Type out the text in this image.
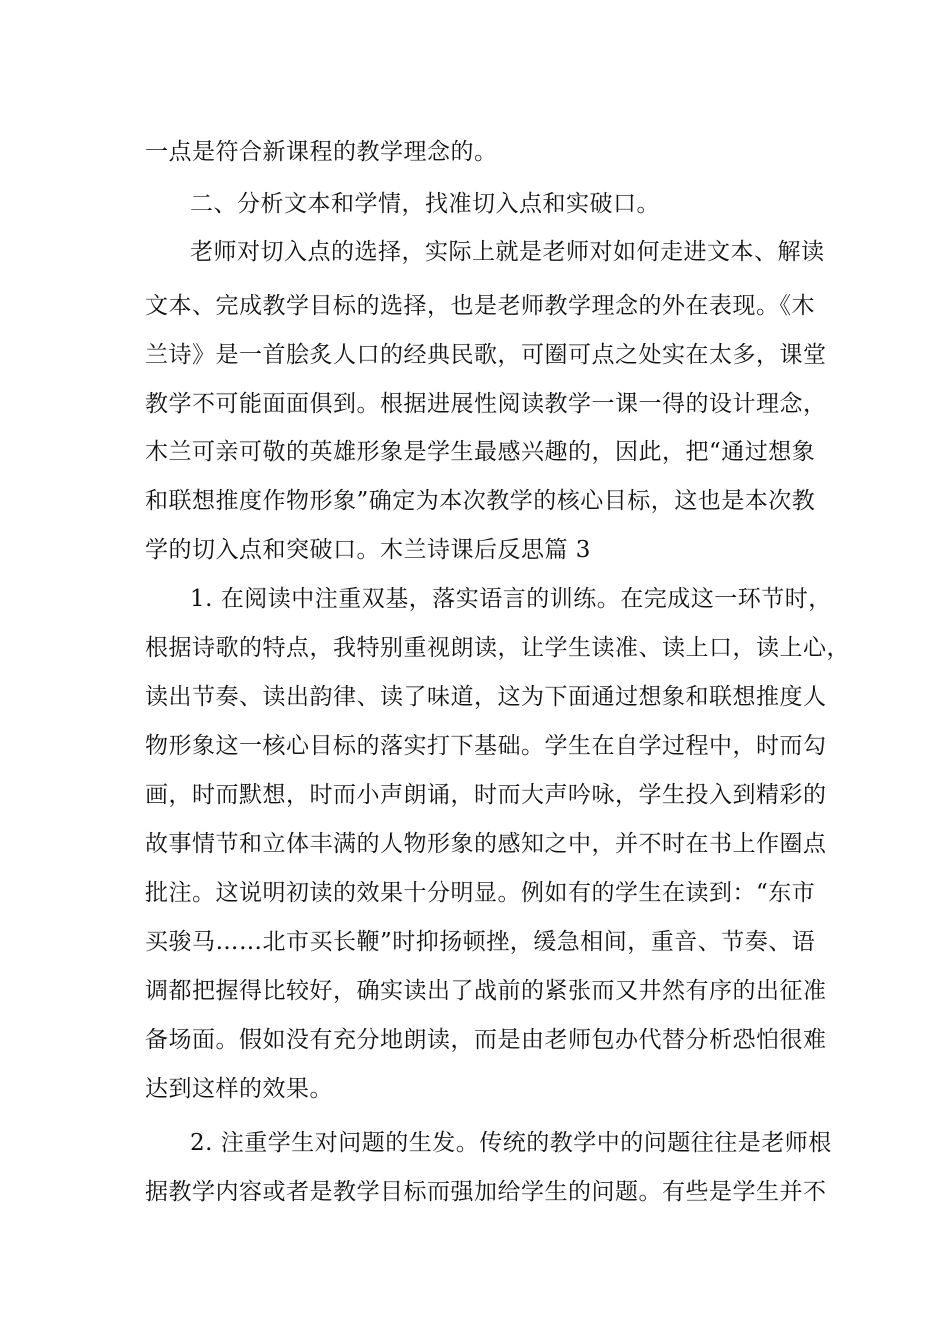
一点是符合新课程的教学理念的。
二、分析文本和学情，找准切入点和实破口。
老师对切入点的选择，实际上就是老师对如何走进文本、解读
文本、完成教学目标的选择，也是老师教学理念的外在表现。《木
兰诗》是一首脍炙人口的经典民歌，可圈可点之处实在太多，课堂
教学不可能面面俱到。根据进展性阅读教学一课一得的设计理念，
木兰可亲可敬的英雄形象是学生最感兴趣的，因此，把“通过想象
和联想推度作物形象”确定为本次教学的核心目标，这也是本次教
学的切入点和突破口。木兰诗课后反思篇 3
1. 在阅读中注重双基，落实语言的训练。在完成这一环节时，
根据诗歌的特点，我特别重视朗读，让学生读准、读上口，读上心，
读出节奏、读出韵律、读了味道，这为下面通过想象和联想推度人
物形象这一核心目标的落实打下基础。学生在自学过程中，时而勾
画，时而默想，时而小声朗诵，时而大声吟咏，学生投入到精彩的
故事情节和立体丰满的人物形象的感知之中，并不时在书上作圈点
批注。这说明初读的效果十分明显。例如有的学生在读到：“东市
买骏马……北市买长鞭”时抑扬顿挫，缓急相间，重音、节奏、语
调都把握得比较好，确实读出了战前的紧张而又井然有序的出征准
备场面。假如没有充分地朗读，而是由老师包办代替分析恐怕很难
达到这样的效果。
2. 注重学生对问题的生发。传统的教学中的问题往往是老师根
据教学内容或者是教学目标而强加给学生的问题。有些是学生并不
